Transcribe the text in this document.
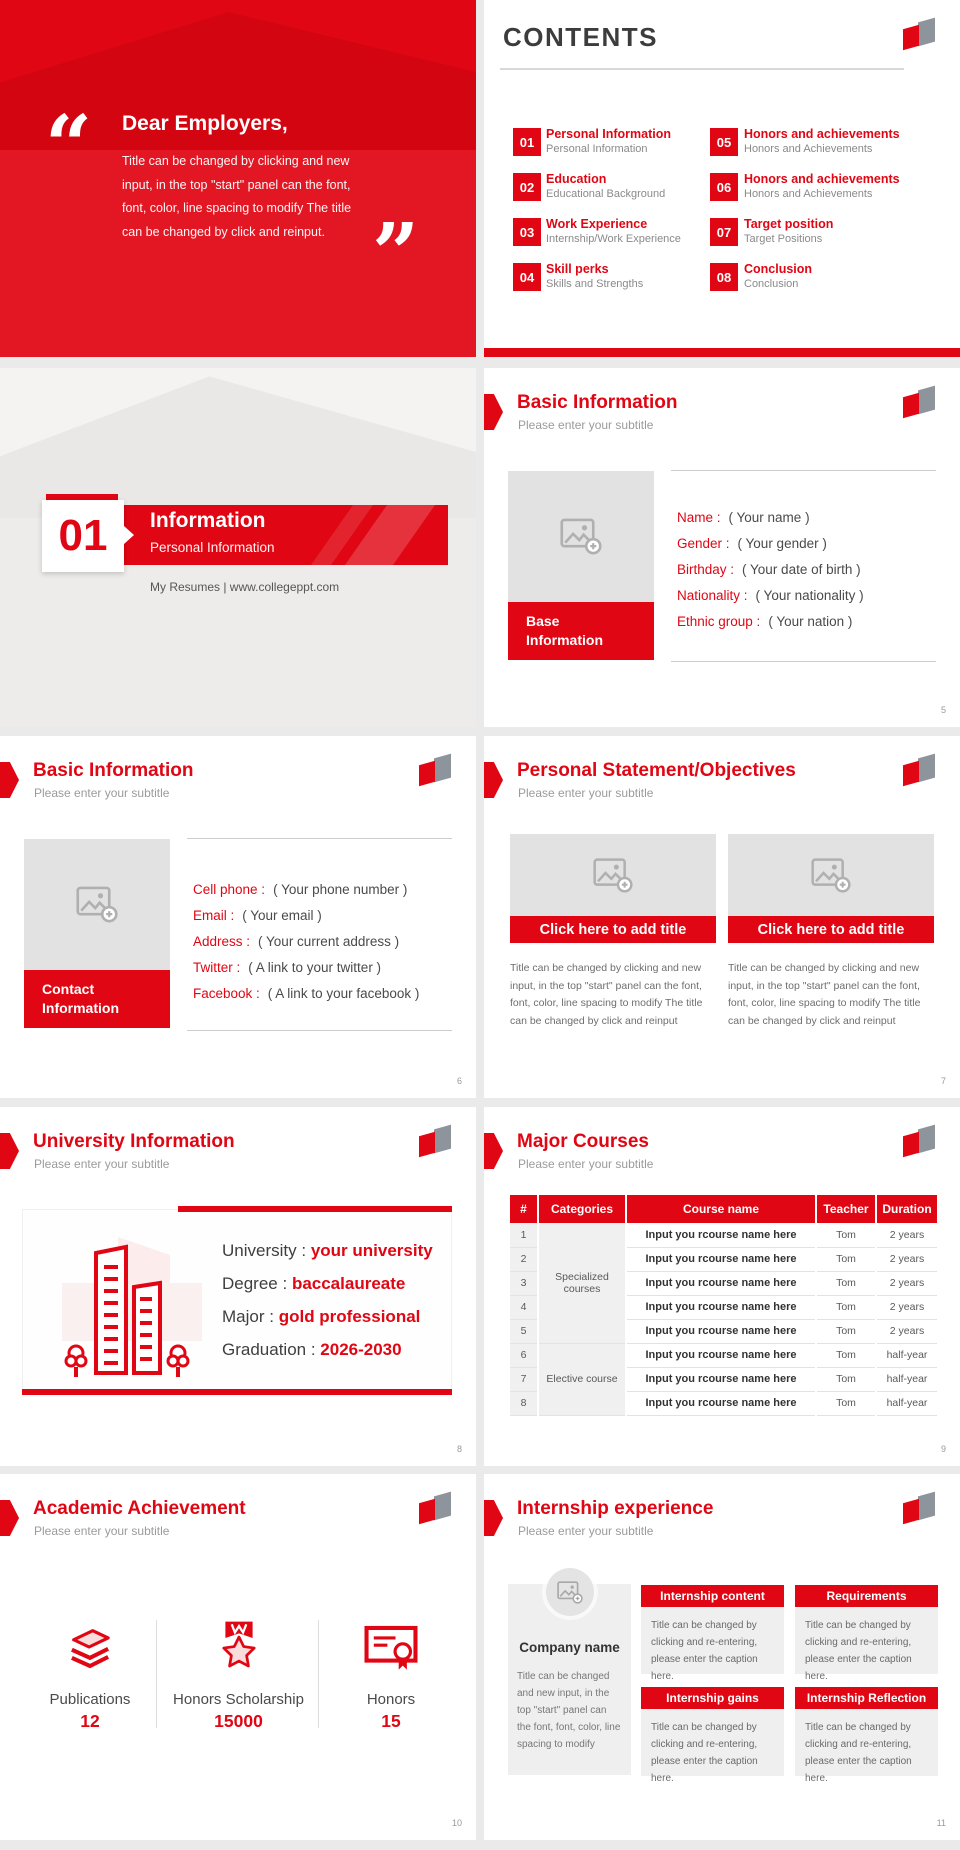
“ Dear Employers,
Title can be changed by clicking and new input, in the top "start" panel can the font, font, color, line spacing to modify The title can be changed by click and reinput. ”
CONTENTS
01
Personal Information
Personal Information
02
Education
Educational Background
03
Work Experience
Internship/Work Experience
04
Skill perks
Skills and Strengths
05
Honors and achievements
Honors and Achievements
06
Honors and achievements
Honors and Achievements
07
Target position
Target Positions
08
Conclusion
Conclusion
01 Information
Personal Information
My Resumes | www.collegeppt.com
Basic Information
Please enter your subtitle
Base Information
Name : ( Your name )
Gender : ( Your gender )
Birthday : ( Your date of birth )
Nationality : ( Your nationality )
Ethnic group : ( Your nation )
5
Basic Information
Please enter your subtitle
Contact Information
Cell phone : ( Your phone number )
Email : ( Your email )
Address : ( Your current address )
Twitter : ( A link to your twitter )
Facebook : ( A link to your facebook )
6
Personal Statement/Objectives
Please enter your subtitle
Click here to add title
Title can be changed by clicking and new input, in the top "start" panel can the font, font, color, line spacing to modify The title can be changed by click and reinput
Click here to add title
Title can be changed by clicking and new input, in the top "start" panel can the font, font, color, line spacing to modify The title can be changed by click and reinput
7
University Information
Please enter your subtitle
University : your university
Degree : baccalaureate
Major : gold professional
Graduation : 2026-2030
8
Major Courses
Please enter your subtitle
#	Categories	Course name	Teacher	Duration
1	Specialized courses	Input you rcourse name here	Tom	2 years
2		Input you rcourse name here	Tom	2 years
3		Input you rcourse name here	Tom	2 years
4		Input you rcourse name here	Tom	2 years
5		Input you rcourse name here	Tom	2 years
6	Elective course	Input you rcourse name here	Tom	half-year
7		Input you rcourse name here	Tom	half-year
8		Input you rcourse name here	Tom	half-year
9
Academic Achievement
Please enter your subtitle
Publications
12
Honors Scholarship
15000
Honors
15
10
Internship experience
Please enter your subtitle
Company name
Title can be changed and new input, in the top "start" panel can the font, font, color, line spacing to modify
Internship content
Title can be changed by clicking and re-entering, please enter the caption here.
Requirements
Title can be changed by clicking and re-entering, please enter the caption here.
Internship gains
Title can be changed by clicking and re-entering, please enter the caption here.
Internship Reflection
Title can be changed by clicking and re-entering, please enter the caption here.
11
